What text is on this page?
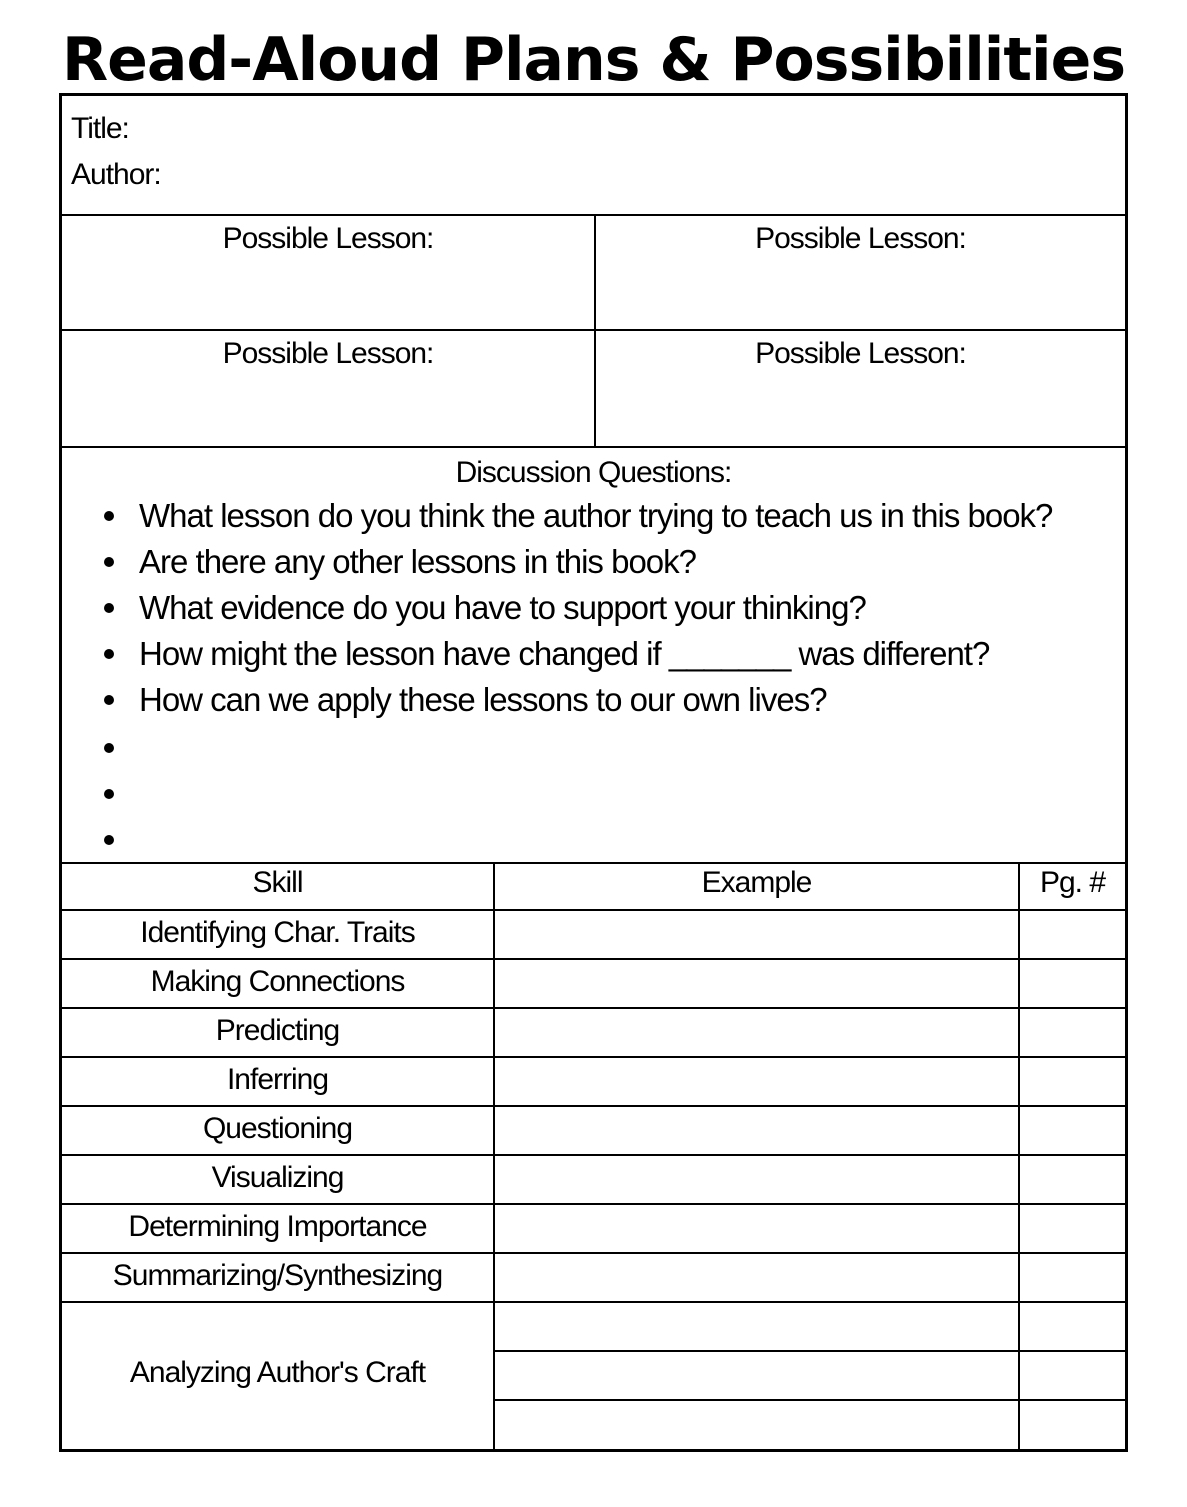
Read-Aloud Plans & Possibilities
Title:
Author:
Possible Lesson:	Possible Lesson:
Possible Lesson:	Possible Lesson:
Discussion Questions:
What lesson do you think the author trying to teach us in this book?
Are there any other lessons in this book?
What evidence do you have to support your thinking?
How might the lesson have changed if _______ was different?
How can we apply these lessons to our own lives?
Skill	Example	Pg. #
Identifying Char. Traits
Making Connections
Predicting
Inferring
Questioning
Visualizing
Determining Importance
Summarizing/Synthesizing
Analyzing Author's Craft
